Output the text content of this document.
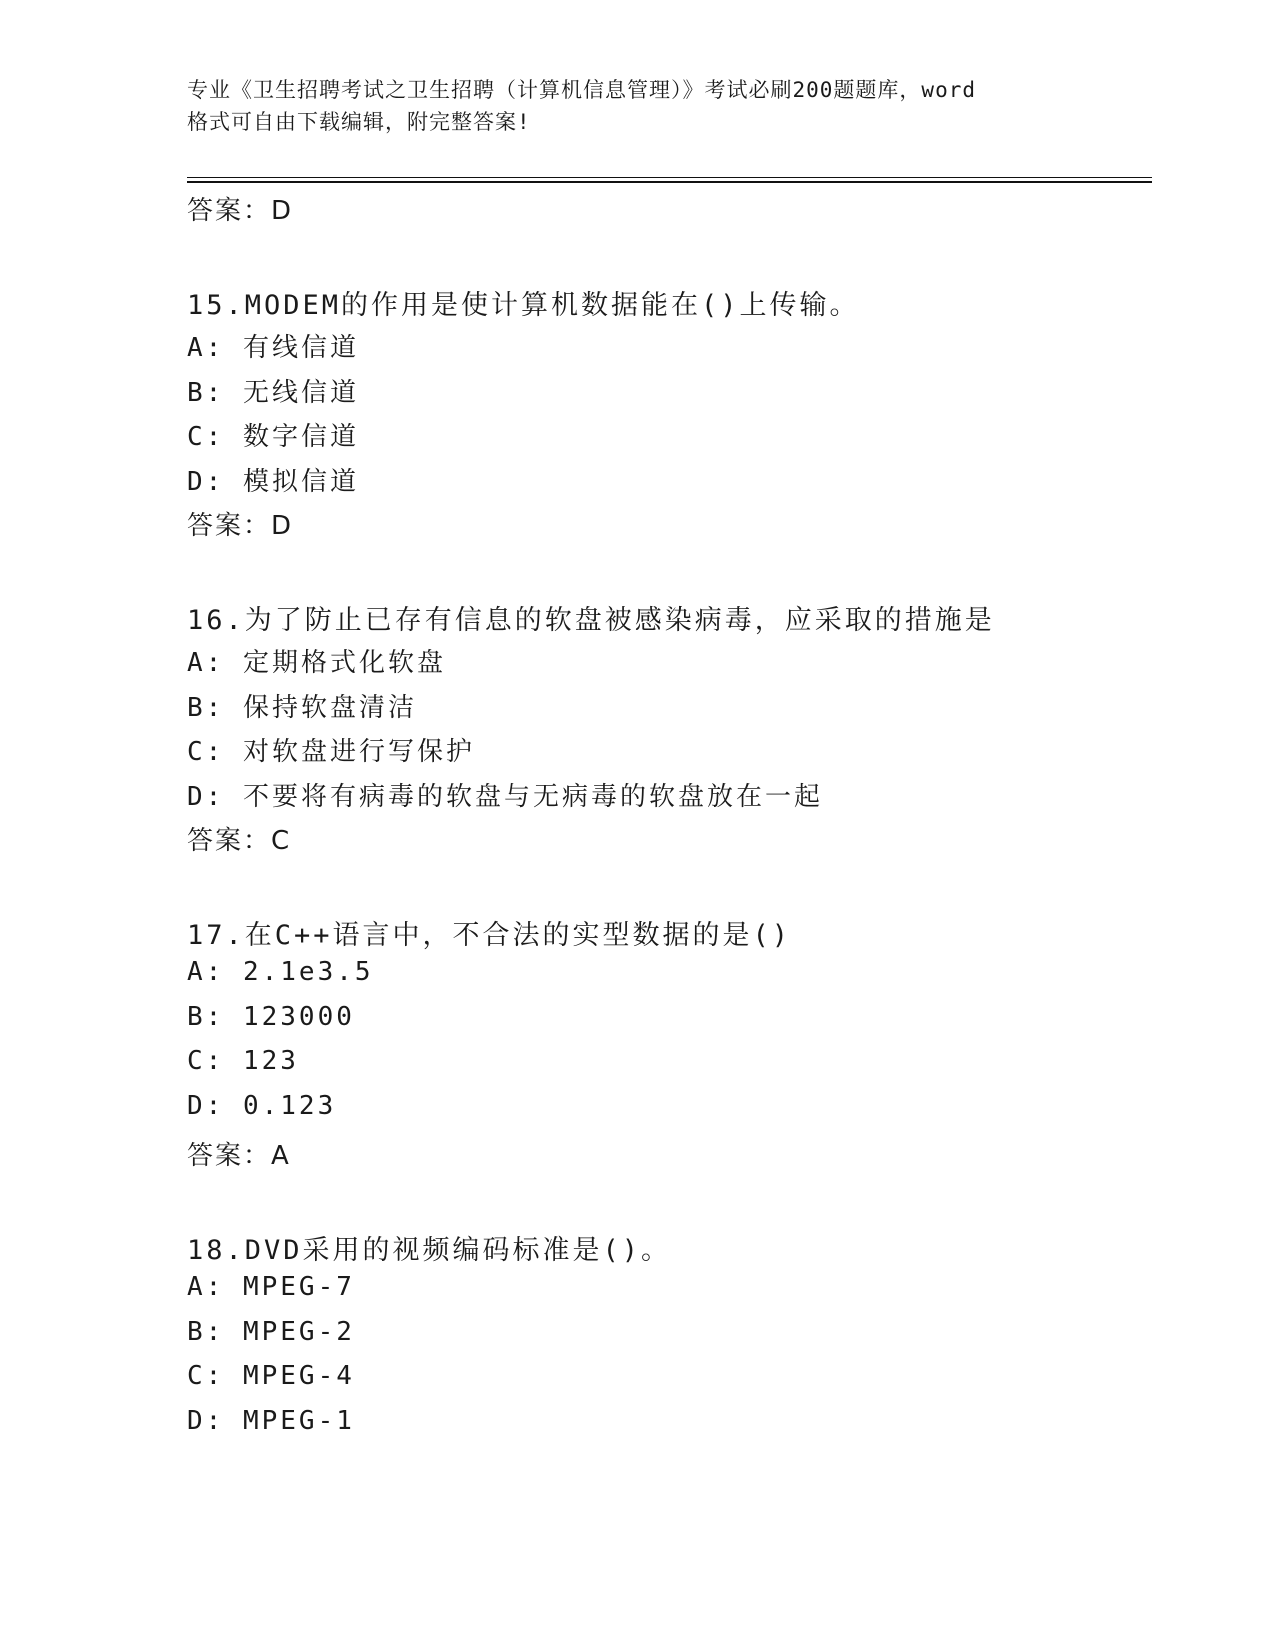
专业《卫生招聘考试之卫生招聘（计算机信息管理）》考试必刷200题题库，word
格式可自由下载编辑，附完整答案!
答案：D
15.MODEM的作用是使计算机数据能在()上传输。
A: 有线信道
B: 无线信道
C: 数字信道
D: 模拟信道
答案：D
16.为了防止已存有信息的软盘被感染病毒，应采取的措施是
A: 定期格式化软盘
B: 保持软盘清洁
C: 对软盘进行写保护
D: 不要将有病毒的软盘与无病毒的软盘放在一起
答案：C
17.在C++语言中，不合法的实型数据的是()
A: 2.1e3.5
B: 123000
C: 123
D: 0.123
答案：A
18.DVD采用的视频编码标准是()。
A: MPEG-7
B: MPEG-2
C: MPEG-4
D: MPEG-1
